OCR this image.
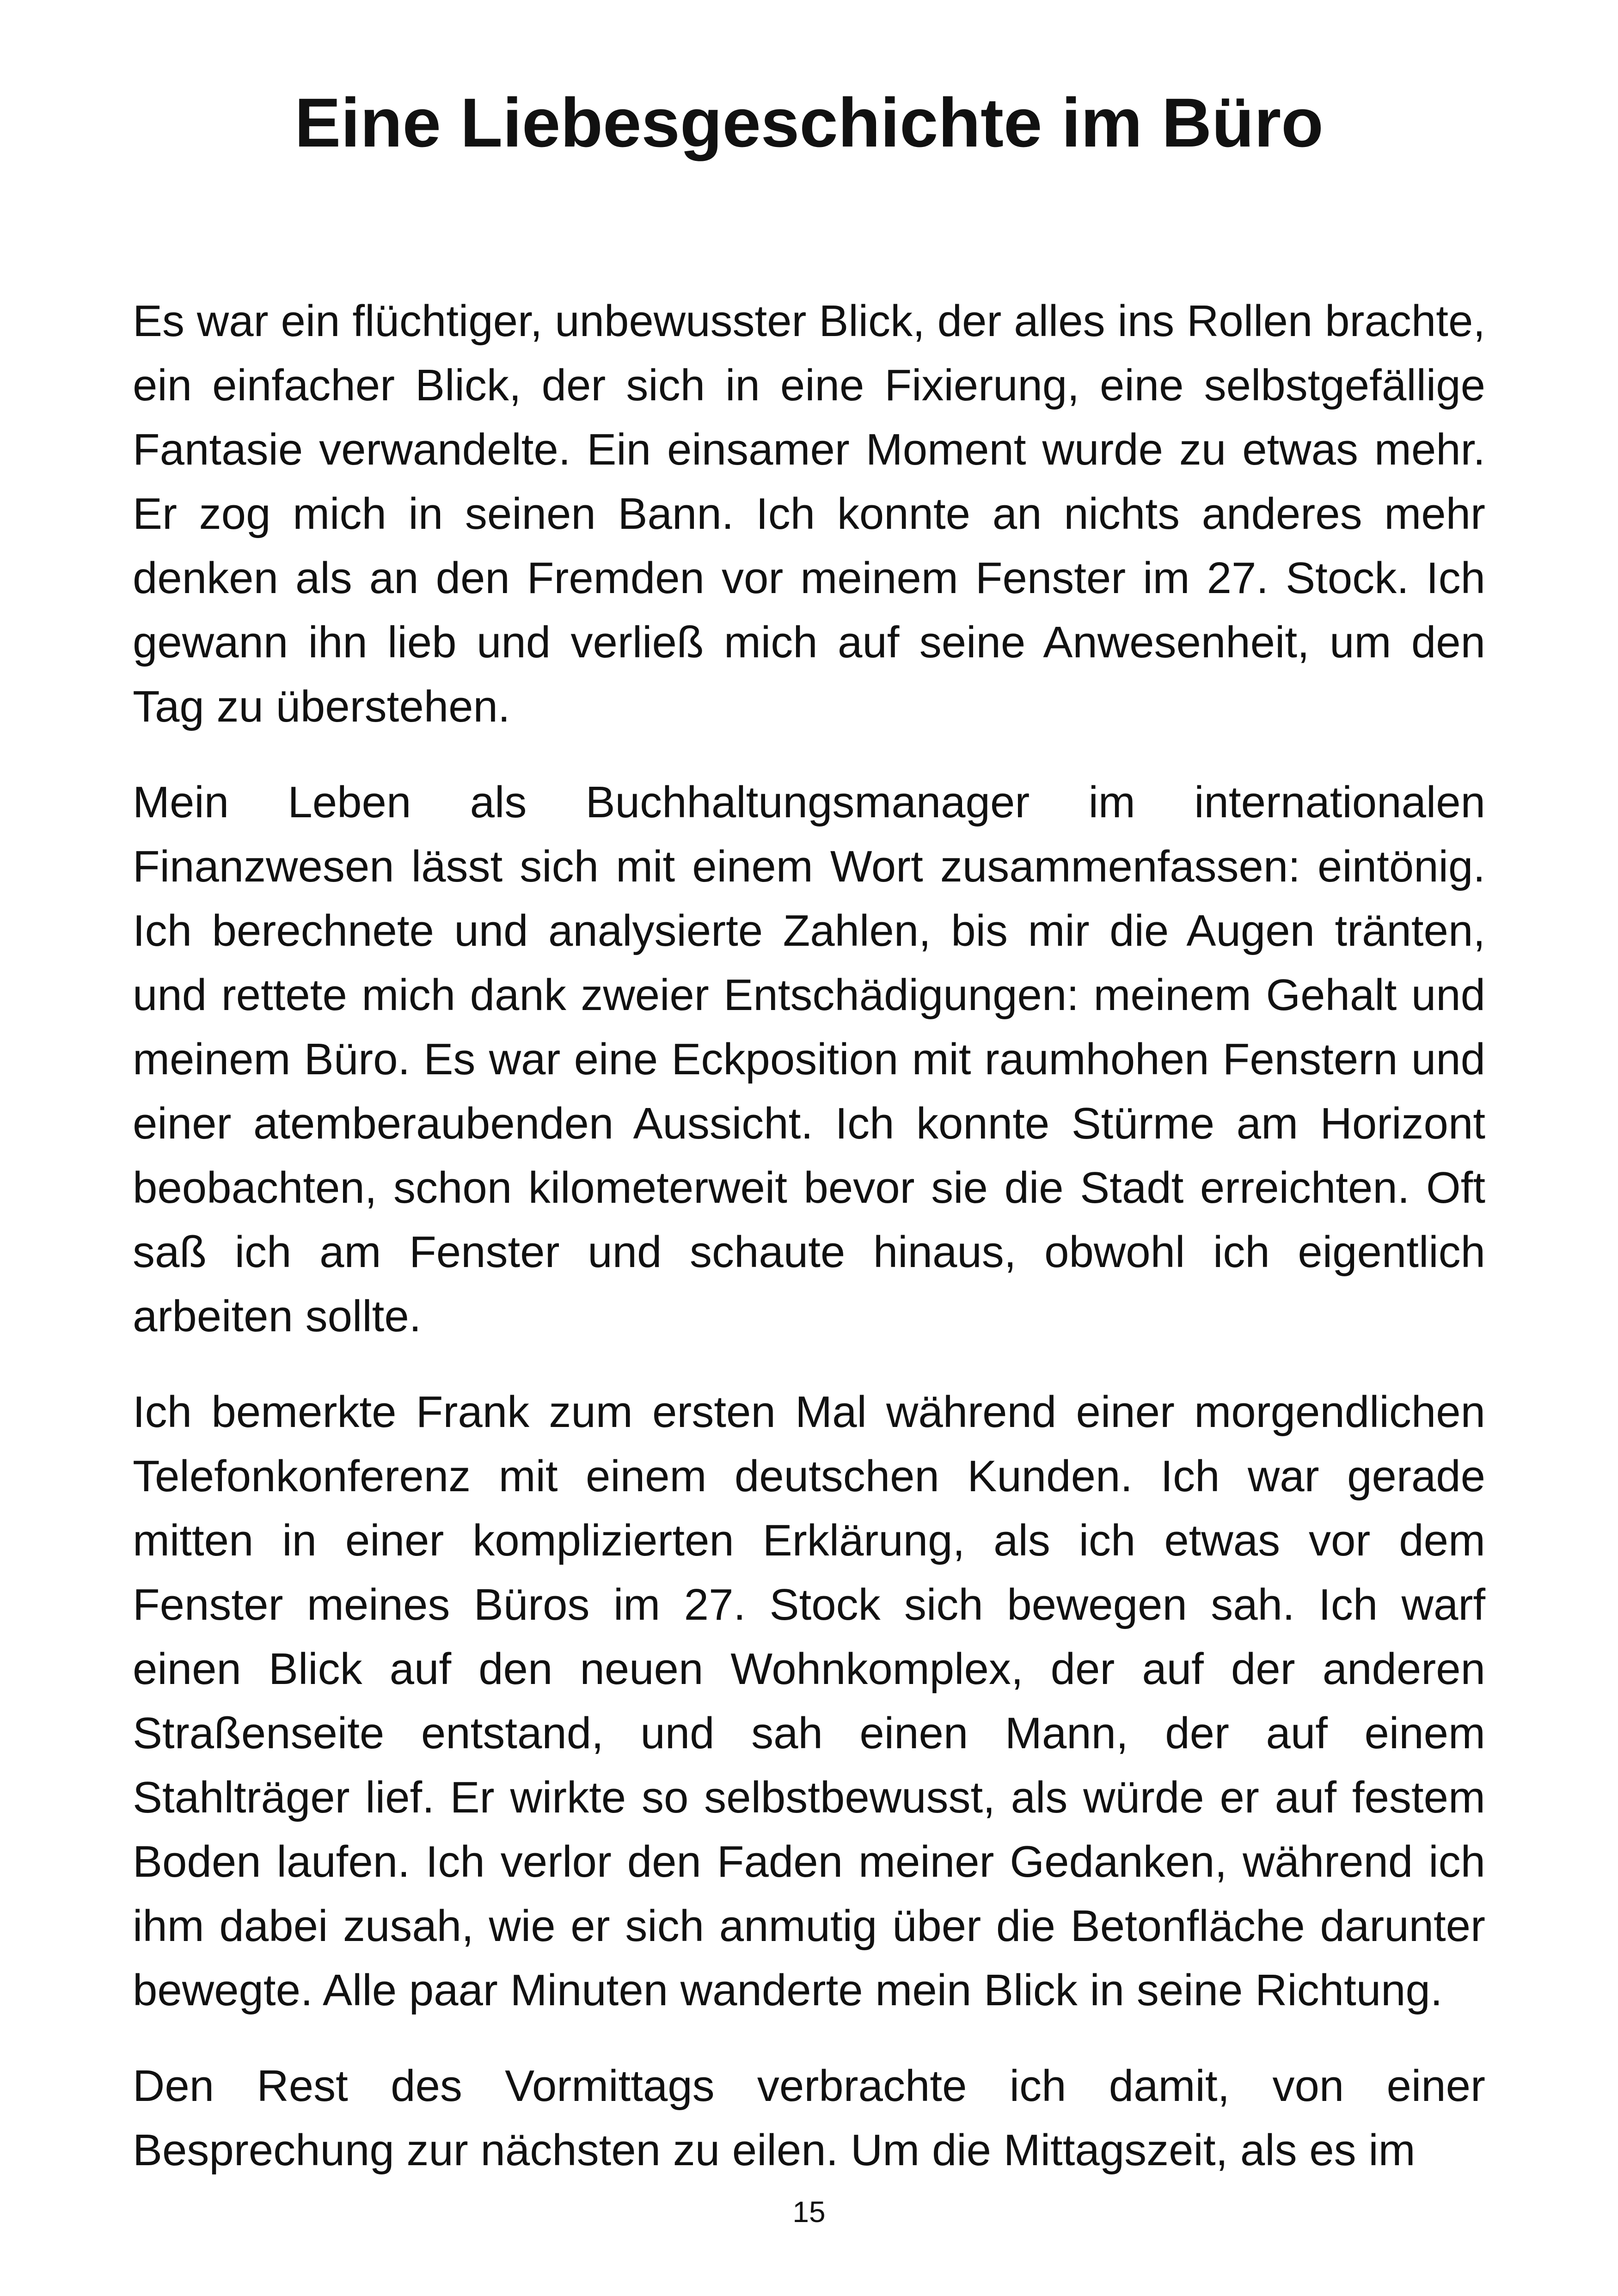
Eine Liebesgeschichte im Büro

Es war ein flüchtiger, unbewusster Blick, der alles ins Rollen brachte, ein einfacher Blick, der sich in eine Fixierung, eine selbstgefällige Fantasie verwandelte. Ein einsamer Moment wurde zu etwas mehr. Er zog mich in seinen Bann. Ich konnte an nichts anderes mehr denken als an den Fremden vor meinem Fenster im 27. Stock. Ich gewann ihn lieb und verließ mich auf seine Anwesenheit, um den Tag zu überstehen.

Mein Leben als Buchhaltungsmanager im internationalen Finanzwesen lässt sich mit einem Wort zusammenfassen: eintönig. Ich berechnete und analysierte Zahlen, bis mir die Augen tränten, und rettete mich dank zweier Entschädigungen: meinem Gehalt und meinem Büro. Es war eine Eckposition mit raumhohen Fenstern und einer atemberaubenden Aussicht. Ich konnte Stürme am Horizont beobachten, schon kilometerweit bevor sie die Stadt erreichten. Oft saß ich am Fenster und schaute hinaus, obwohl ich eigentlich arbeiten sollte.

Ich bemerkte Frank zum ersten Mal während einer morgendlichen Telefonkonferenz mit einem deutschen Kunden. Ich war gerade mitten in einer komplizierten Erklärung, als ich etwas vor dem Fenster meines Büros im 27. Stock sich bewegen sah. Ich warf einen Blick auf den neuen Wohnkomplex, der auf der anderen Straßenseite entstand, und sah einen Mann, der auf einem Stahlträger lief. Er wirkte so selbstbewusst, als würde er auf festem Boden laufen. Ich verlor den Faden meiner Gedanken, während ich ihm dabei zusah, wie er sich anmutig über die Betonfläche darunter bewegte. Alle paar Minuten wanderte mein Blick in seine Richtung.

Den Rest des Vormittags verbrachte ich damit, von einer Besprechung zur nächsten zu eilen. Um die Mittagszeit, als es im

15
